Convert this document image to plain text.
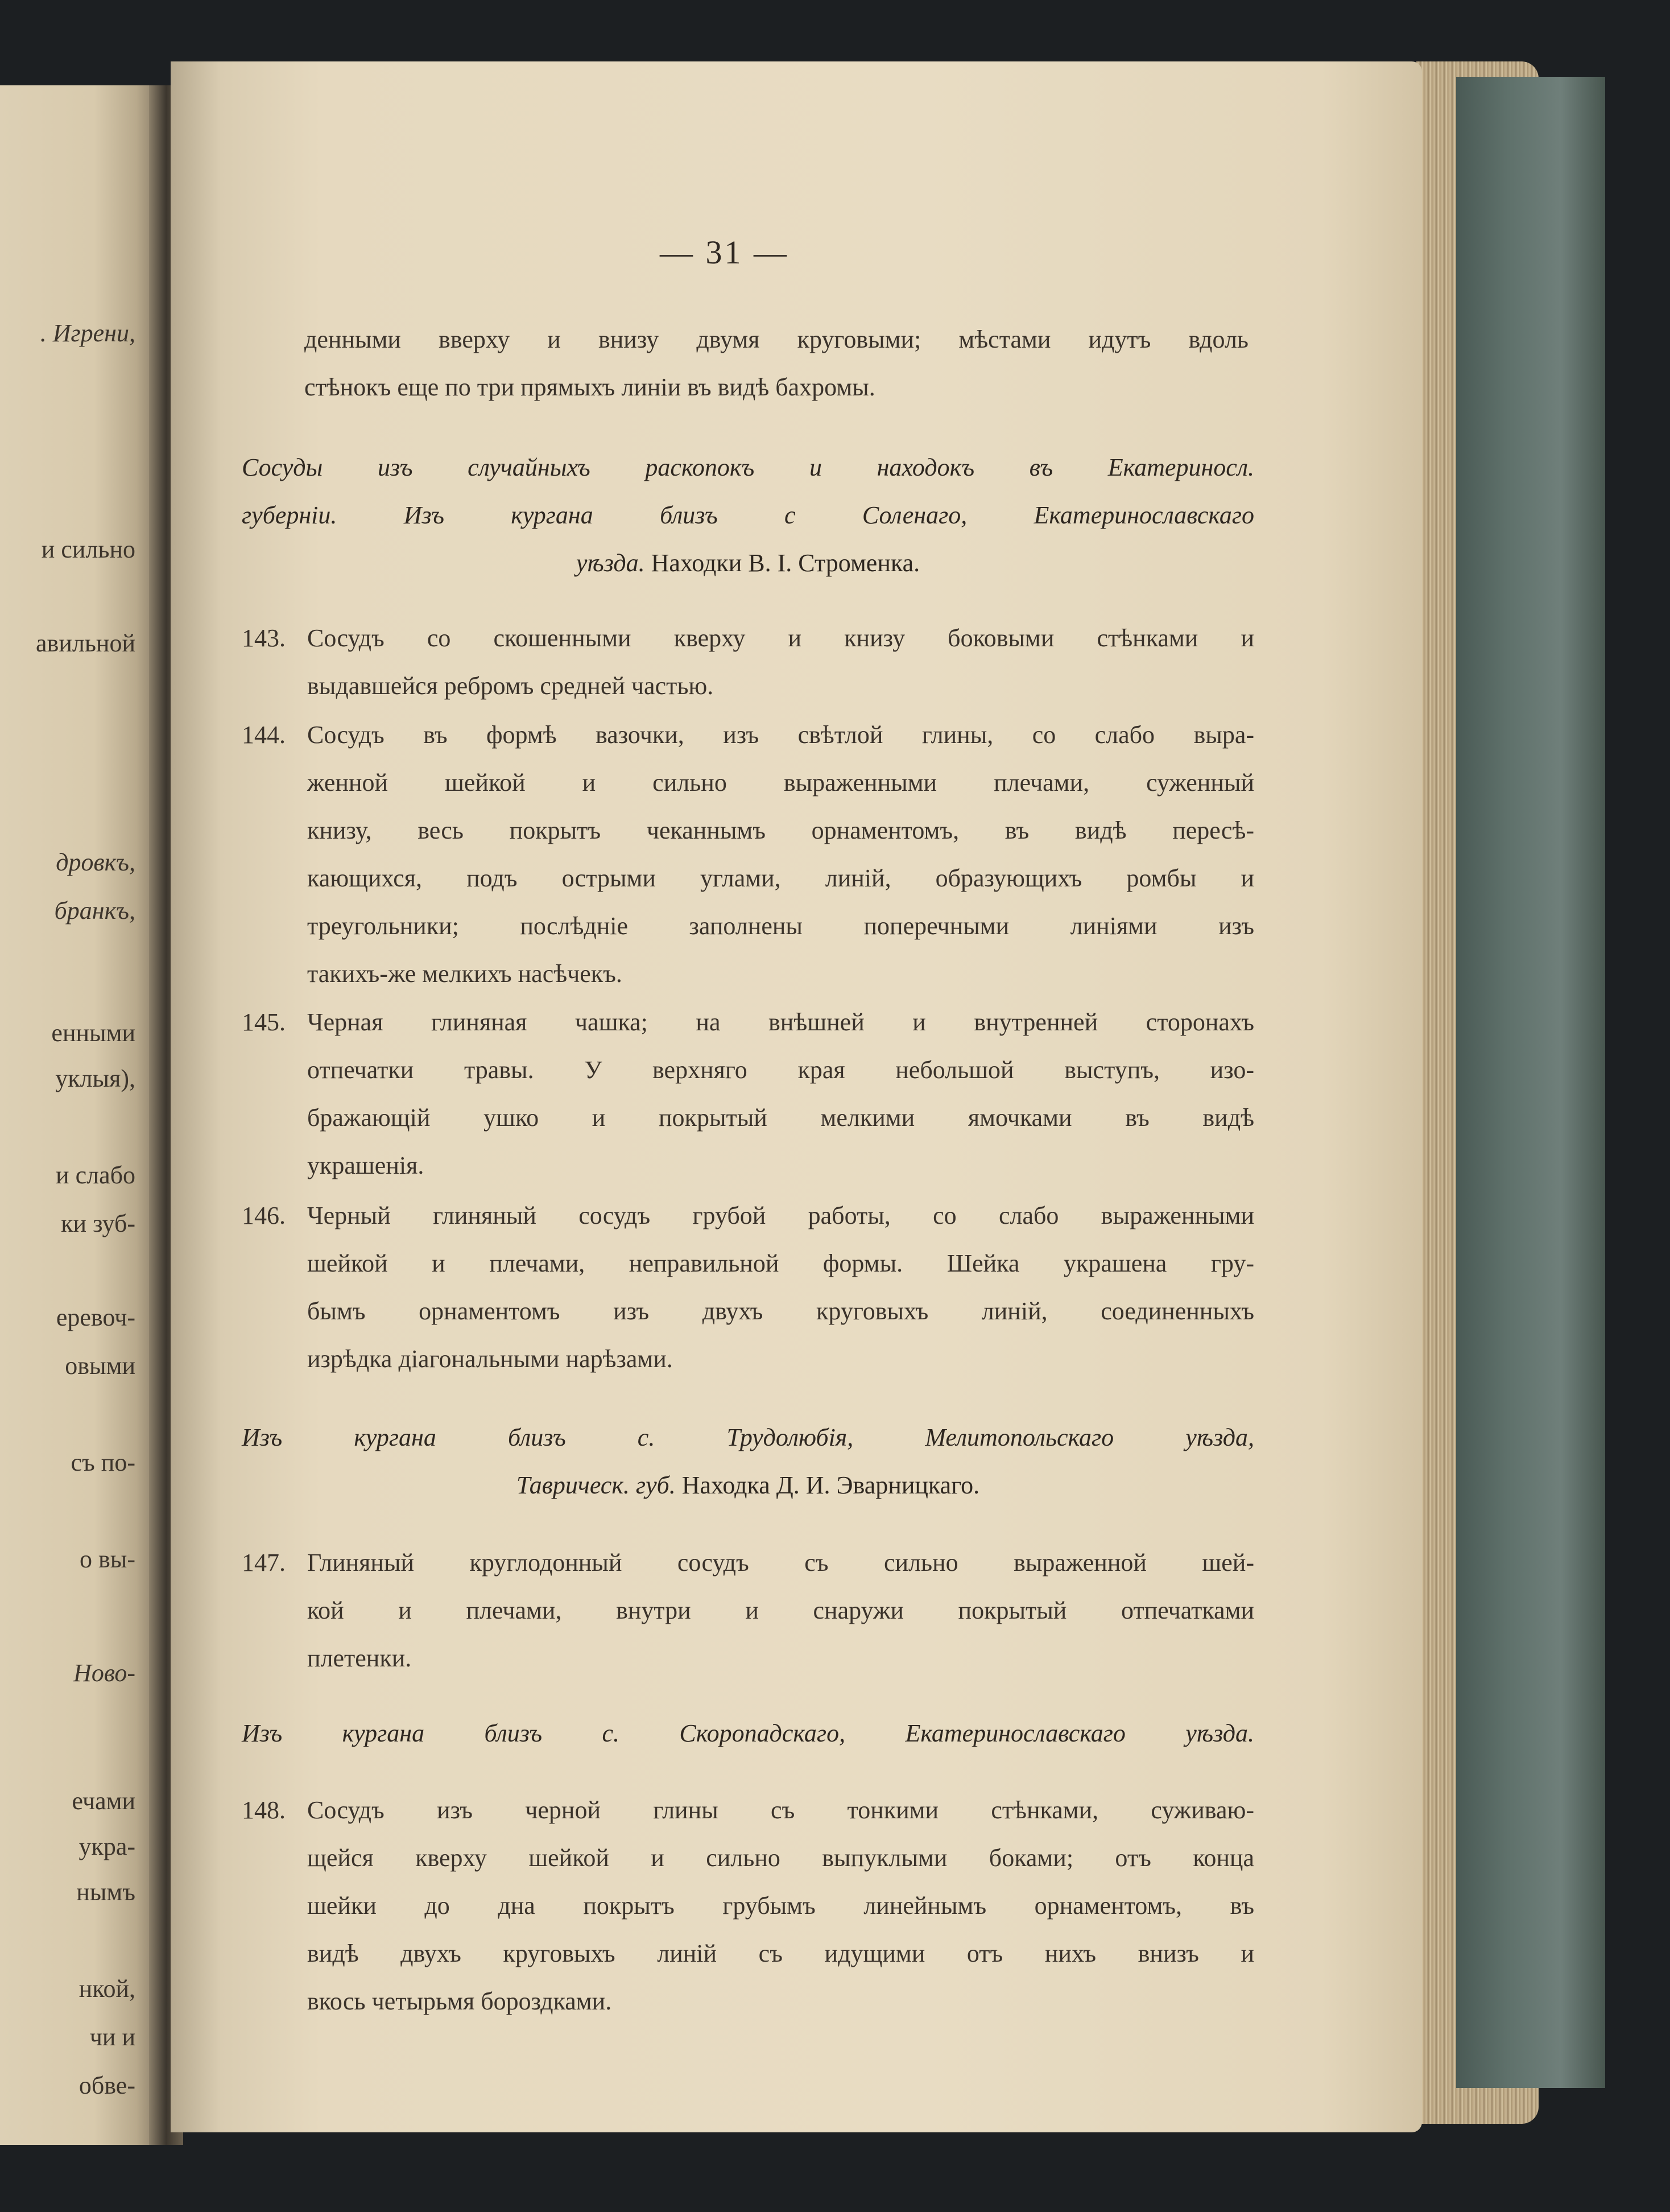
. Игрени,
и сильно
авильной
дровкъ,
бранкъ,
енными
уклыя),
и слабо
ки зуб-
еревоч-
овыми
съ по-
о вы-
Ново-
ечами
укра-
нымъ
нкой,
чи и
обве-
— 31 —
денными вверху и внизу двумя круговыми; мѣстами идутъ вдоль
стѣнокъ еще по три прямыхъ линіи въ видѣ бахромы.
Сосуды изъ случайныхъ раскопокъ и находокъ въ Екатериносл.
губерніи. Изъ кургана близъ с Соленаго, Екатеринославскаго
уѣзда. Находки В. I. Строменка.
143. Сосудъ со скошенными кверху и книзу боковыми стѣнками и
выдавшейся ребромъ средней частью.
144. Сосудъ въ формѣ вазочки, изъ свѣтлой глины, со слабо выра-
женной шейкой и сильно выраженными плечами, суженный
книзу, весь покрытъ чеканнымъ орнаментомъ, въ видѣ пересѣ-
кающихся, подъ острыми углами, линій, образующихъ ромбы и
треугольники; послѣдніе заполнены поперечными линіями изъ
такихъ-же мелкихъ насѣчекъ.
145. Черная глиняная чашка; на внѣшней и внутренней сторонахъ
отпечатки травы. У верхняго края небольшой выступъ, изо-
бражающій ушко и покрытый мелкими ямочками въ видѣ
украшенія.
146. Черный глиняный сосудъ грубой работы, со слабо выраженными
шейкой и плечами, неправильной формы. Шейка украшена гру-
бымъ орнаментомъ изъ двухъ круговыхъ линій, соединенныхъ
изрѣдка діагональными нарѣзами.
Изъ кургана близъ с. Трудолюбія, Мелитопольскаго уѣзда,
Таврическ. губ. Находка Д. И. Эварницкаго.
147. Глиняный круглодонный сосудъ съ сильно выраженной шей-
кой и плечами, внутри и снаружи покрытый отпечатками
плетенки.
Изъ кургана близъ с. Скоропадскаго, Екатеринославскаго уѣзда.
148. Сосудъ изъ черной глины съ тонкими стѣнками, суживаю-
щейся кверху шейкой и сильно выпуклыми боками; отъ конца
шейки до дна покрытъ грубымъ линейнымъ орнаментомъ, въ
видѣ двухъ круговыхъ линій съ идущими отъ нихъ внизъ и
вкось четырьмя бороздками.
